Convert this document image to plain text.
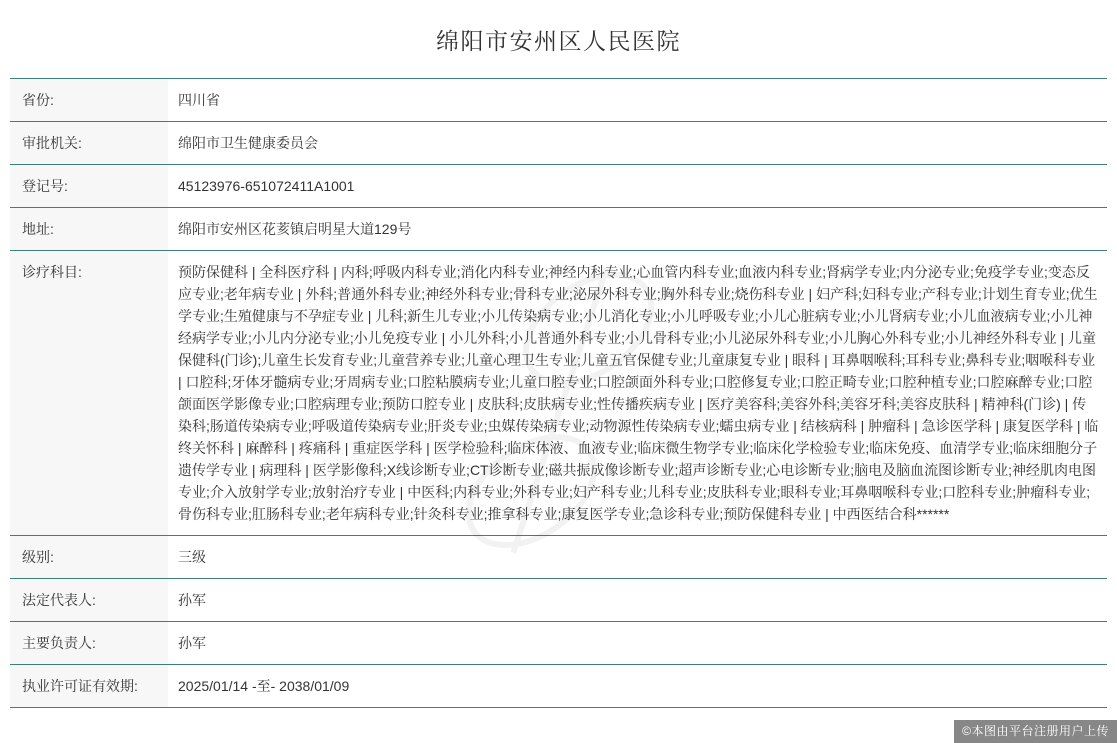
绵阳市安州区人民医院
省份:	四川省
审批机关:	绵阳市卫生健康委员会
登记号:	45123976-651072411A1001
地址:	绵阳市安州区花荄镇启明星大道129号
诊疗科目:	预防保健科 | 全科医疗科 | 内科;呼吸内科专业;消化内科专业;神经内科专业;心血管内科专业;血液内科专业;肾病学专业;内分泌专业;免疫学专业;变态反应专业;老年病专业 | 外科;普通外科专业;神经外科专业;骨科专业;泌尿外科专业;胸外科专业;烧伤科专业 | 妇产科;妇科专业;产科专业;计划生育专业;优生学专业;生殖健康与不孕症专业 | 儿科;新生儿专业;小儿传染病专业;小儿消化专业;小儿呼吸专业;小儿心脏病专业;小儿肾病专业;小儿血液病专业;小儿神经病学专业;小儿内分泌专业;小儿免疫专业 | 小儿外科;小儿普通外科专业;小儿骨科专业;小儿泌尿外科专业;小儿胸心外科专业;小儿神经外科专业 | 儿童保健科(门诊);儿童生长发育专业;儿童营养专业;儿童心理卫生专业;儿童五官保健专业;儿童康复专业 | 眼科 | 耳鼻咽喉科;耳科专业;鼻科专业;咽喉科专业 | 口腔科;牙体牙髓病专业;牙周病专业;口腔粘膜病专业;儿童口腔专业;口腔颌面外科专业;口腔修复专业;口腔正畸专业;口腔种植专业;口腔麻醉专业;口腔颌面医学影像专业;口腔病理专业;预防口腔专业 | 皮肤科;皮肤病专业;性传播疾病专业 | 医疗美容科;美容外科;美容牙科;美容皮肤科 | 精神科(门诊) | 传染科;肠道传染病专业;呼吸道传染病专业;肝炎专业;虫媒传染病专业;动物源性传染病专业;蠕虫病专业 | 结核病科 | 肿瘤科 | 急诊医学科 | 康复医学科 | 临终关怀科 | 麻醉科 | 疼痛科 | 重症医学科 | 医学检验科;临床体液、血液专业;临床微生物学专业;临床化学检验专业;临床免疫、血清学专业;临床细胞分子遗传学专业 | 病理科 | 医学影像科;X线诊断专业;CT诊断专业;磁共振成像诊断专业;超声诊断专业;心电诊断专业;脑电及脑血流图诊断专业;神经肌肉电图专业;介入放射学专业;放射治疗专业 | 中医科;内科专业;外科专业;妇产科专业;儿科专业;皮肤科专业;眼科专业;耳鼻咽喉科专业;口腔科专业;肿瘤科专业;骨伤科专业;肛肠科专业;老年病科专业;针灸科专业;推拿科专业;康复医学专业;急诊科专业;预防保健科专业 | 中西医结合科******
级别:	三级
法定代表人:	孙军
主要负责人:	孙军
执业许可证有效期:	2025/01/14 -至- 2038/01/09
©本图由平台注册用户上传
